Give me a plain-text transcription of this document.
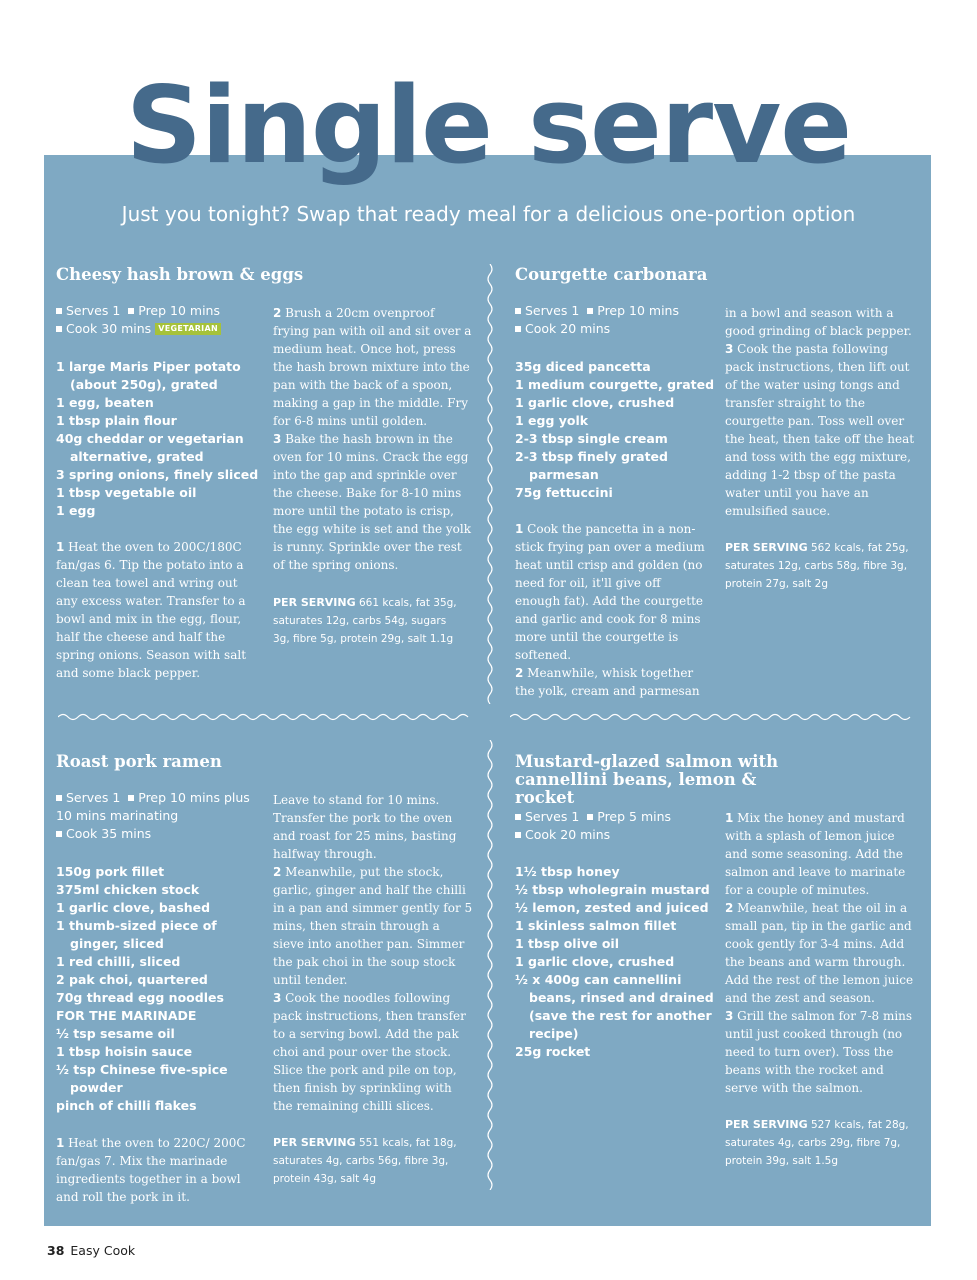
Single serve

Just you tonight? Swap that ready meal for a delicious one-portion option

Cheesy hash brown & eggs
Serves 1 Prep 10 mins
Cook 30 mins VEGETARIAN
1 large Maris Piper potato (about 250g), grated
1 egg, beaten
1 tbsp plain flour
40g cheddar or vegetarian alternative, grated
3 spring onions, finely sliced
1 tbsp vegetable oil
1 egg

1 Heat the oven to 200C/180C fan/gas 6. Tip the potato into a clean tea towel and wring out any excess water. Transfer to a bowl and mix in the egg, flour, half the cheese and half the spring onions. Season with salt and some black pepper.

2 Brush a 20cm ovenproof frying pan with oil and sit over a medium heat. Once hot, press the hash brown mixture into the pan with the back of a spoon, making a gap in the middle. Fry for 6-8 mins until golden.
3 Bake the hash brown in the oven for 10 mins. Crack the egg into the gap and sprinkle over the cheese. Bake for 8-10 mins more until the potato is crisp, the egg white is set and the yolk is runny. Sprinkle over the rest of the spring onions.

PER SERVING 661 kcals, fat 35g, saturates 12g, carbs 54g, sugars 3g, fibre 5g, protein 29g, salt 1.1g

Courgette carbonara
Serves 1 Prep 10 mins
Cook 20 mins
35g diced pancetta
1 medium courgette, grated
1 garlic clove, crushed
1 egg yolk
2-3 tbsp single cream
2-3 tbsp finely grated parmesan
75g fettuccini

1 Cook the pancetta in a non-stick frying pan over a medium heat until crisp and golden (no need for oil, it'll give off enough fat). Add the courgette and garlic and cook for 8 mins more until the courgette is softened.
2 Meanwhile, whisk together the yolk, cream and parmesan

in a bowl and season with a good grinding of black pepper.
3 Cook the pasta following pack instructions, then lift out of the water using tongs and transfer straight to the courgette pan. Toss well over the heat, then take off the heat and toss with the egg mixture, adding 1-2 tbsp of the pasta water until you have an emulsified sauce.

PER SERVING 562 kcals, fat 25g, saturates 12g, carbs 58g, fibre 3g, protein 27g, salt 2g

Roast pork ramen
Serves 1 Prep 10 mins plus 10 mins marinating
Cook 35 mins
150g pork fillet
375ml chicken stock
1 garlic clove, bashed
1 thumb-sized piece of ginger, sliced
1 red chilli, sliced
2 pak choi, quartered
70g thread egg noodles
FOR THE MARINADE
½ tsp sesame oil
1 tbsp hoisin sauce
½ tsp Chinese five-spice powder
pinch of chilli flakes

1 Heat the oven to 220C/ 200C fan/gas 7. Mix the marinade ingredients together in a bowl and roll the pork in it.

Leave to stand for 10 mins. Transfer the pork to the oven and roast for 25 mins, basting halfway through.
2 Meanwhile, put the stock, garlic, ginger and half the chilli in a pan and simmer gently for 5 mins, then strain through a sieve into another pan. Simmer the pak choi in the soup stock until tender.
3 Cook the noodles following pack instructions, then transfer to a serving bowl. Add the pak choi and pour over the stock. Slice the pork and pile on top, then finish by sprinkling with the remaining chilli slices.

PER SERVING 551 kcals, fat 18g, saturates 4g, carbs 56g, fibre 3g, protein 43g, salt 4g

Mustard-glazed salmon with cannellini beans, lemon & rocket
Serves 1 Prep 5 mins
Cook 20 mins
1½ tbsp honey
½ tbsp wholegrain mustard
½ lemon, zested and juiced
1 skinless salmon fillet
1 tbsp olive oil
1 garlic clove, crushed
½ x 400g can cannellini beans, rinsed and drained (save the rest for another recipe)
25g rocket

1 Mix the honey and mustard with a splash of lemon juice and some seasoning. Add the salmon and leave to marinate for a couple of minutes.
2 Meanwhile, heat the oil in a small pan, tip in the garlic and cook gently for 3-4 mins. Add the beans and warm through. Add the rest of the lemon juice and the zest and season.
3 Grill the salmon for 7-8 mins until just cooked through (no need to turn over). Toss the beans with the rocket and serve with the salmon.

PER SERVING 527 kcals, fat 28g, saturates 4g, carbs 29g, fibre 7g, protein 39g, salt 1.5g

38 Easy Cook
